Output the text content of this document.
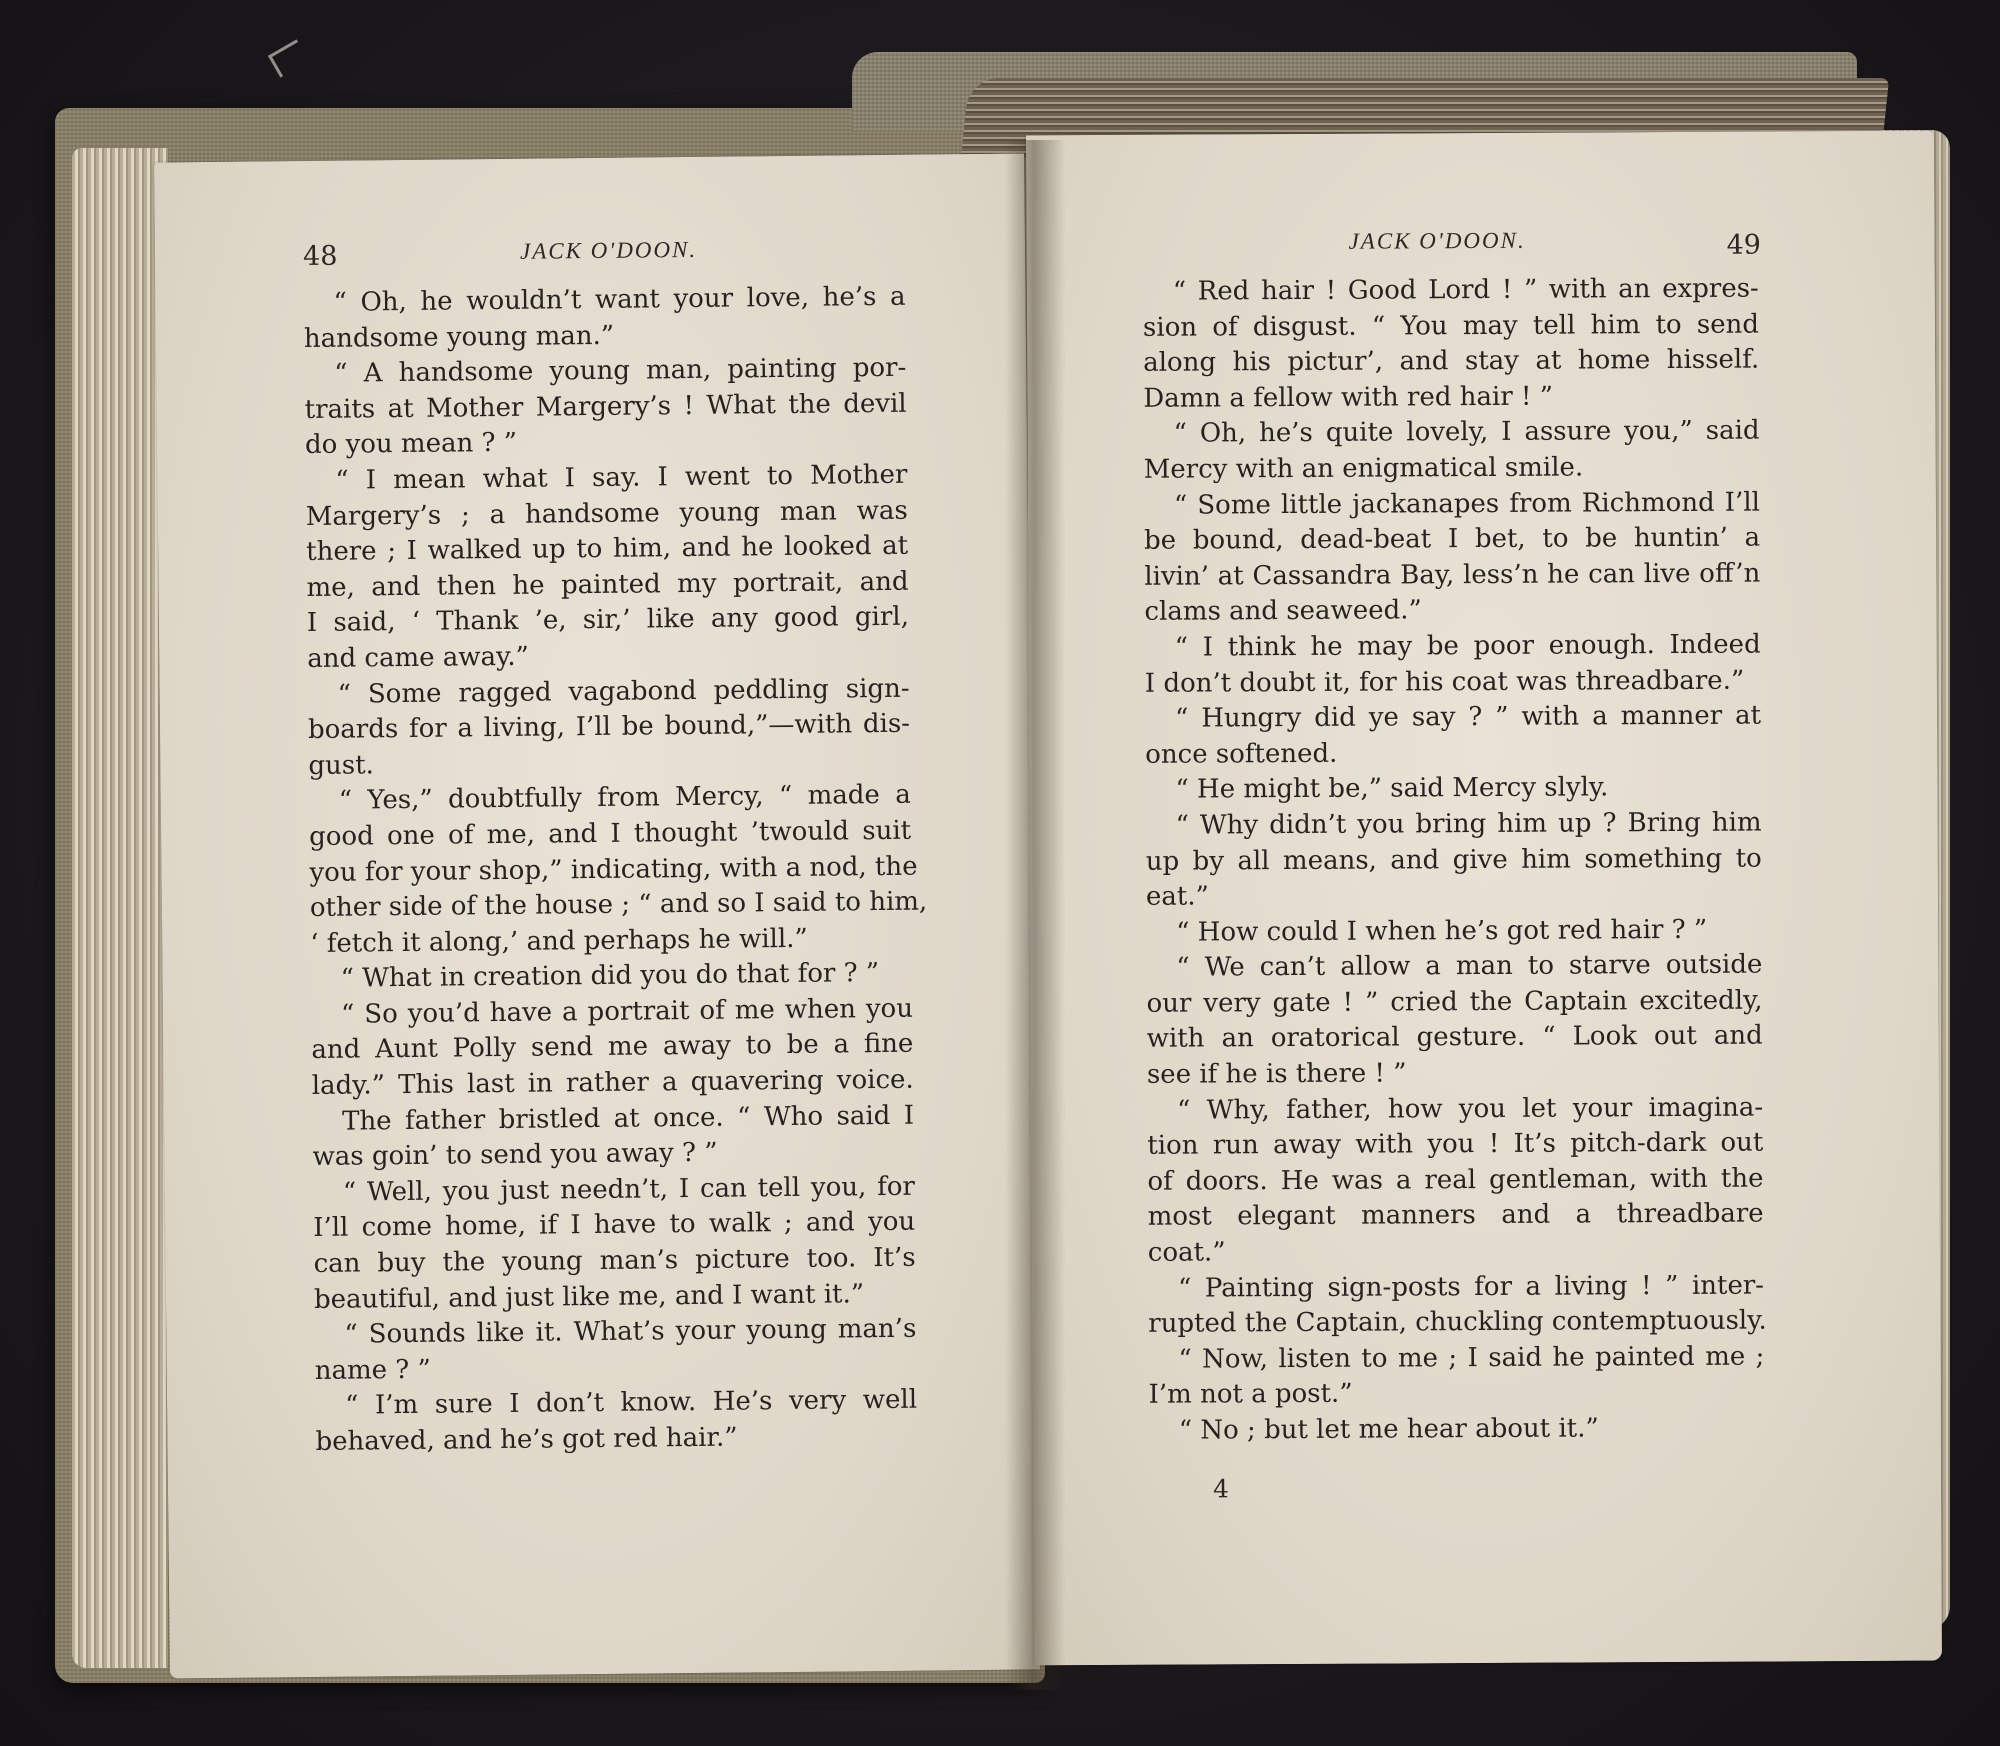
48	JACK O'DOON.
“ Oh, he wouldn’t want your love, he’s a
handsome young man.”
“ A handsome young man, painting por-
traits at Mother Margery’s ! What the devil
do you mean ? ”
“ I mean what I say. I went to Mother
Margery’s ; a handsome young man was
there ; I walked up to him, and he looked at
me, and then he painted my portrait, and
I said, ‘ Thank ’e, sir,’ like any good girl,
and came away.”
“ Some ragged vagabond peddling sign-
boards for a living, I’ll be bound,”—with dis-
gust.
“ Yes,” doubtfully from Mercy, “ made a
good one of me, and I thought ’twould suit
you for your shop,” indicating, with a nod, the
other side of the house ; “ and so I said to him,
‘ fetch it along,’ and perhaps he will.”
“ What in creation did you do that for ? ”
“ So you’d have a portrait of me when you
and Aunt Polly send me away to be a fine
lady.” This last in rather a quavering voice.
The father bristled at once. “ Who said I
was goin’ to send you away ? ”
“ Well, you just needn’t, I can tell you, for
I’ll come home, if I have to walk ; and you
can buy the young man’s picture too. It’s
beautiful, and just like me, and I want it.”
“ Sounds like it. What’s your young man’s
name ? ”
“ I’m sure I don’t know. He’s very well
behaved, and he’s got red hair.”
JACK O'DOON.	49
“ Red hair ! Good Lord ! ” with an expres-
sion of disgust. “ You may tell him to send
along his pictur’, and stay at home hisself.
Damn a fellow with red hair ! ”
“ Oh, he’s quite lovely, I assure you,” said
Mercy with an enigmatical smile.
“ Some little jackanapes from Richmond I’ll
be bound, dead-beat I bet, to be huntin’ a
livin’ at Cassandra Bay, less’n he can live off’n
clams and seaweed.”
“ I think he may be poor enough. Indeed
I don’t doubt it, for his coat was threadbare.”
“ Hungry did ye say ? ” with a manner at
once softened.
“ He might be,” said Mercy slyly.
“ Why didn’t you bring him up ? Bring him
up by all means, and give him something to
eat.”
“ How could I when he’s got red hair ? ”
“ We can’t allow a man to starve outside
our very gate ! ” cried the Captain excitedly,
with an oratorical gesture. “ Look out and
see if he is there ! ”
“ Why, father, how you let your imagina-
tion run away with you ! It’s pitch-dark out
of doors. He was a real gentleman, with the
most elegant manners and a threadbare
coat.”
“ Painting sign-posts for a living ! ” inter-
rupted the Captain, chuckling contemptuously.
“ Now, listen to me ; I said he painted me ;
I’m not a post.”
“ No ; but let me hear about it.”
4
